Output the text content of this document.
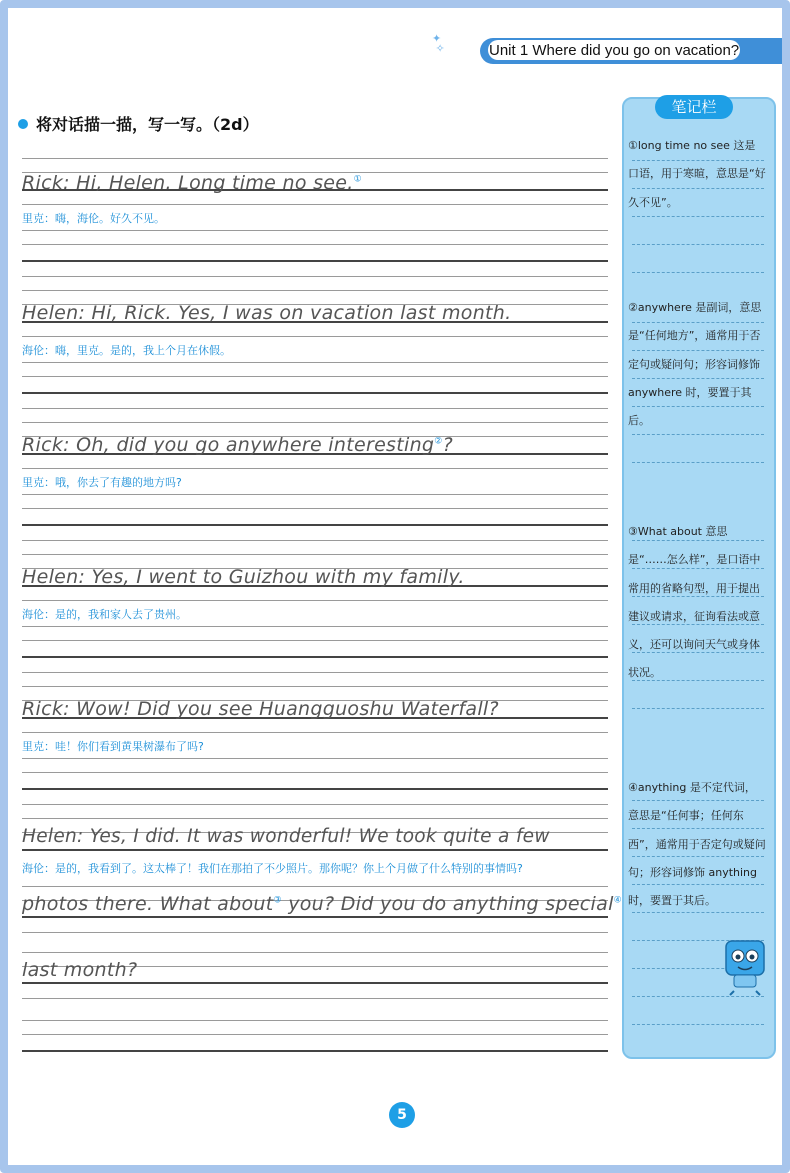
✦
✧	Unit 1 Where did you go on vacation?
将对话描一描，写一写。（2d）
Rick: Hi, Helen. Long time no see.①
里克：嗨，海伦。好久不见。
Helen: Hi, Rick. Yes, I was on vacation last month.
海伦：嗨，里克。是的，我上个月在休假。
Rick: Oh, did you go anywhere interesting②?
里克：哦，你去了有趣的地方吗?
Helen: Yes, I went to Guizhou with my family.
海伦：是的，我和家人去了贵州。
Rick: Wow! Did you see Huangguoshu Waterfall?
里克：哇！你们看到黄果树瀑布了吗?
Helen: Yes, I did. It was wonderful! We took quite a few
海伦：是的，我看到了。这太棒了！我们在那拍了不少照片。那你呢？你上个月做了什么特别的事情吗?
photos there. What about③ you? Did you do anything special④
last month?
笔记栏
①long time no see 这是口语，用于寒暄，意思是“好久不见”。
②anywhere 是副词，意思是“任何地方”，通常用于否定句或疑问句；形容词修饰 anywhere 时，要置于其后。
③What about 意思是“……怎么样”，是口语中常用的省略句型，用于提出建议或请求，征询看法或意义，还可以询问天气或身体状况。
④anything 是不定代词，意思是“任何事；任何东西”，通常用于否定句或疑问句；形容词修饰 anything 时，要置于其后。
5
